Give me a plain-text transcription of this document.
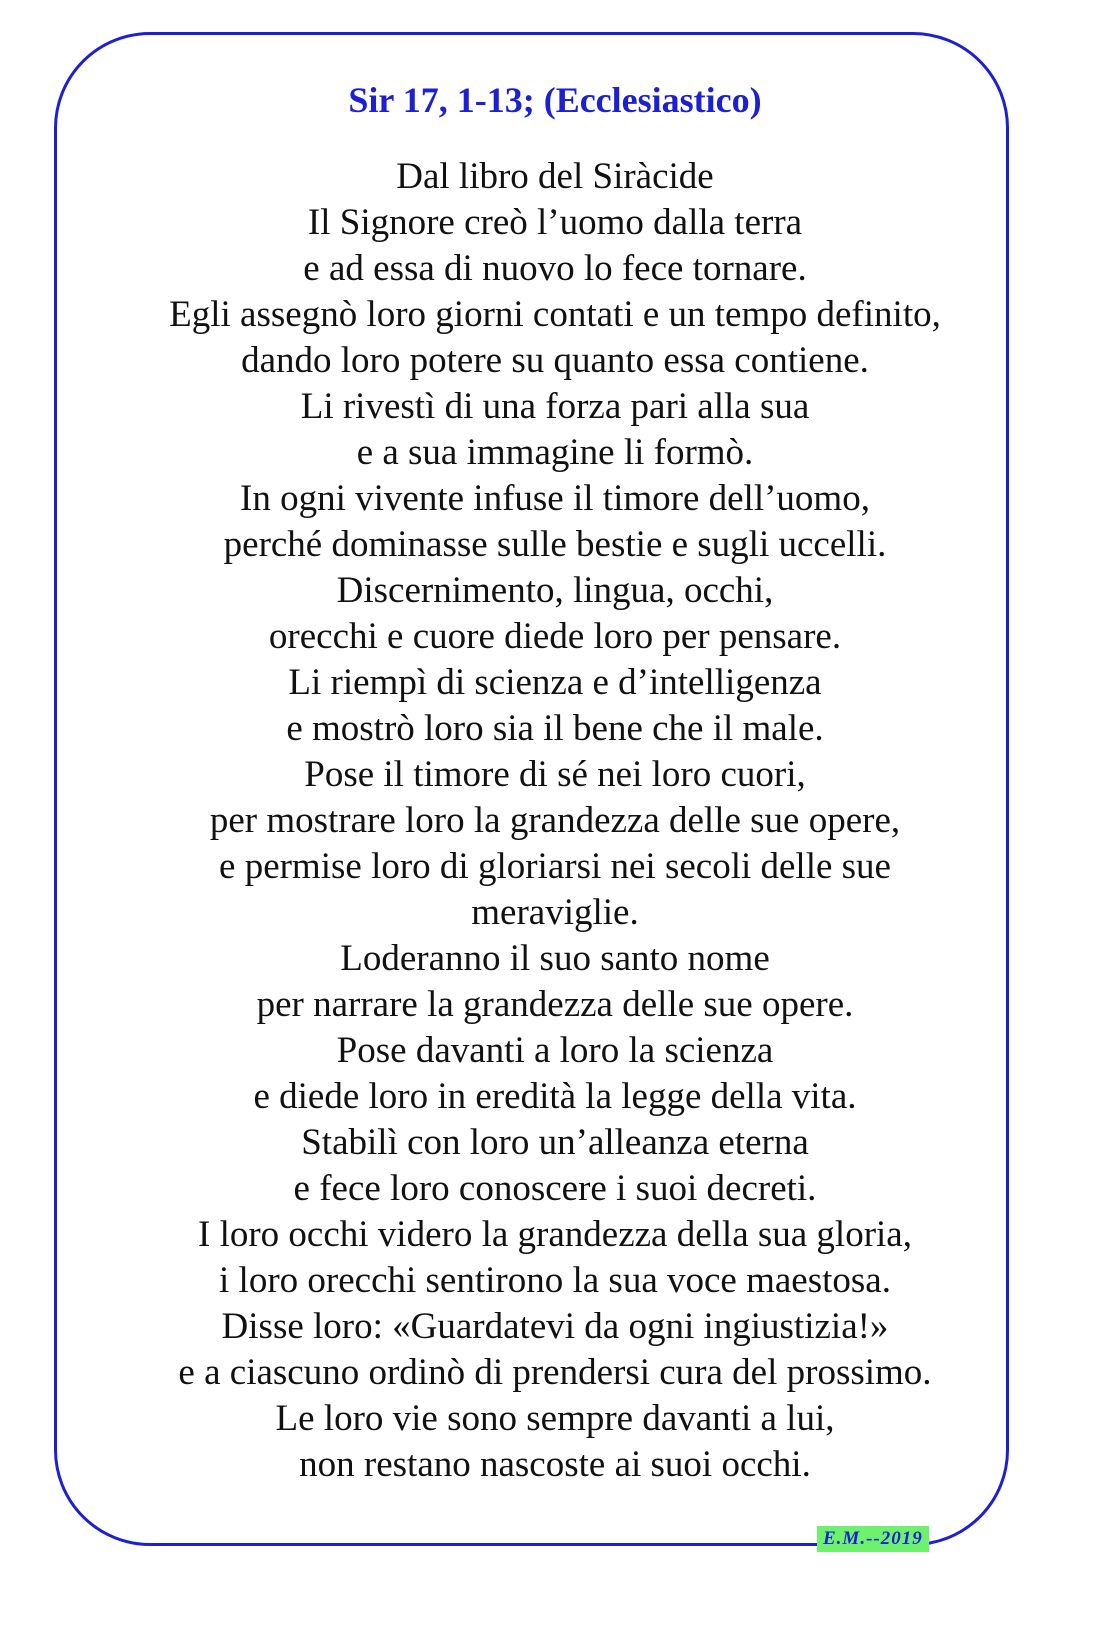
Sir 17, 1-13; (Ecclesiastico)
Dal libro del Siràcide
Il Signore creò l’uomo dalla terra
e ad essa di nuovo lo fece tornare.
Egli assegnò loro giorni contati e un tempo definito,
dando loro potere su quanto essa contiene.
Li rivestì di una forza pari alla sua
e a sua immagine li formò.
In ogni vivente infuse il timore dell’uomo,
perché dominasse sulle bestie e sugli uccelli.
Discernimento, lingua, occhi,
orecchi e cuore diede loro per pensare.
Li riempì di scienza e d’intelligenza
e mostrò loro sia il bene che il male.
Pose il timore di sé nei loro cuori,
per mostrare loro la grandezza delle sue opere,
e permise loro di gloriarsi nei secoli delle sue
meraviglie.
Loderanno il suo santo nome
per narrare la grandezza delle sue opere.
Pose davanti a loro la scienza
e diede loro in eredità la legge della vita.
Stabilì con loro un’alleanza eterna
e fece loro conoscere i suoi decreti.
I loro occhi videro la grandezza della sua gloria,
i loro orecchi sentirono la sua voce maestosa.
Disse loro: «Guardatevi da ogni ingiustizia!»
e a ciascuno ordinò di prendersi cura del prossimo.
Le loro vie sono sempre davanti a lui,
non restano nascoste ai suoi occhi.
E.M.--2019
